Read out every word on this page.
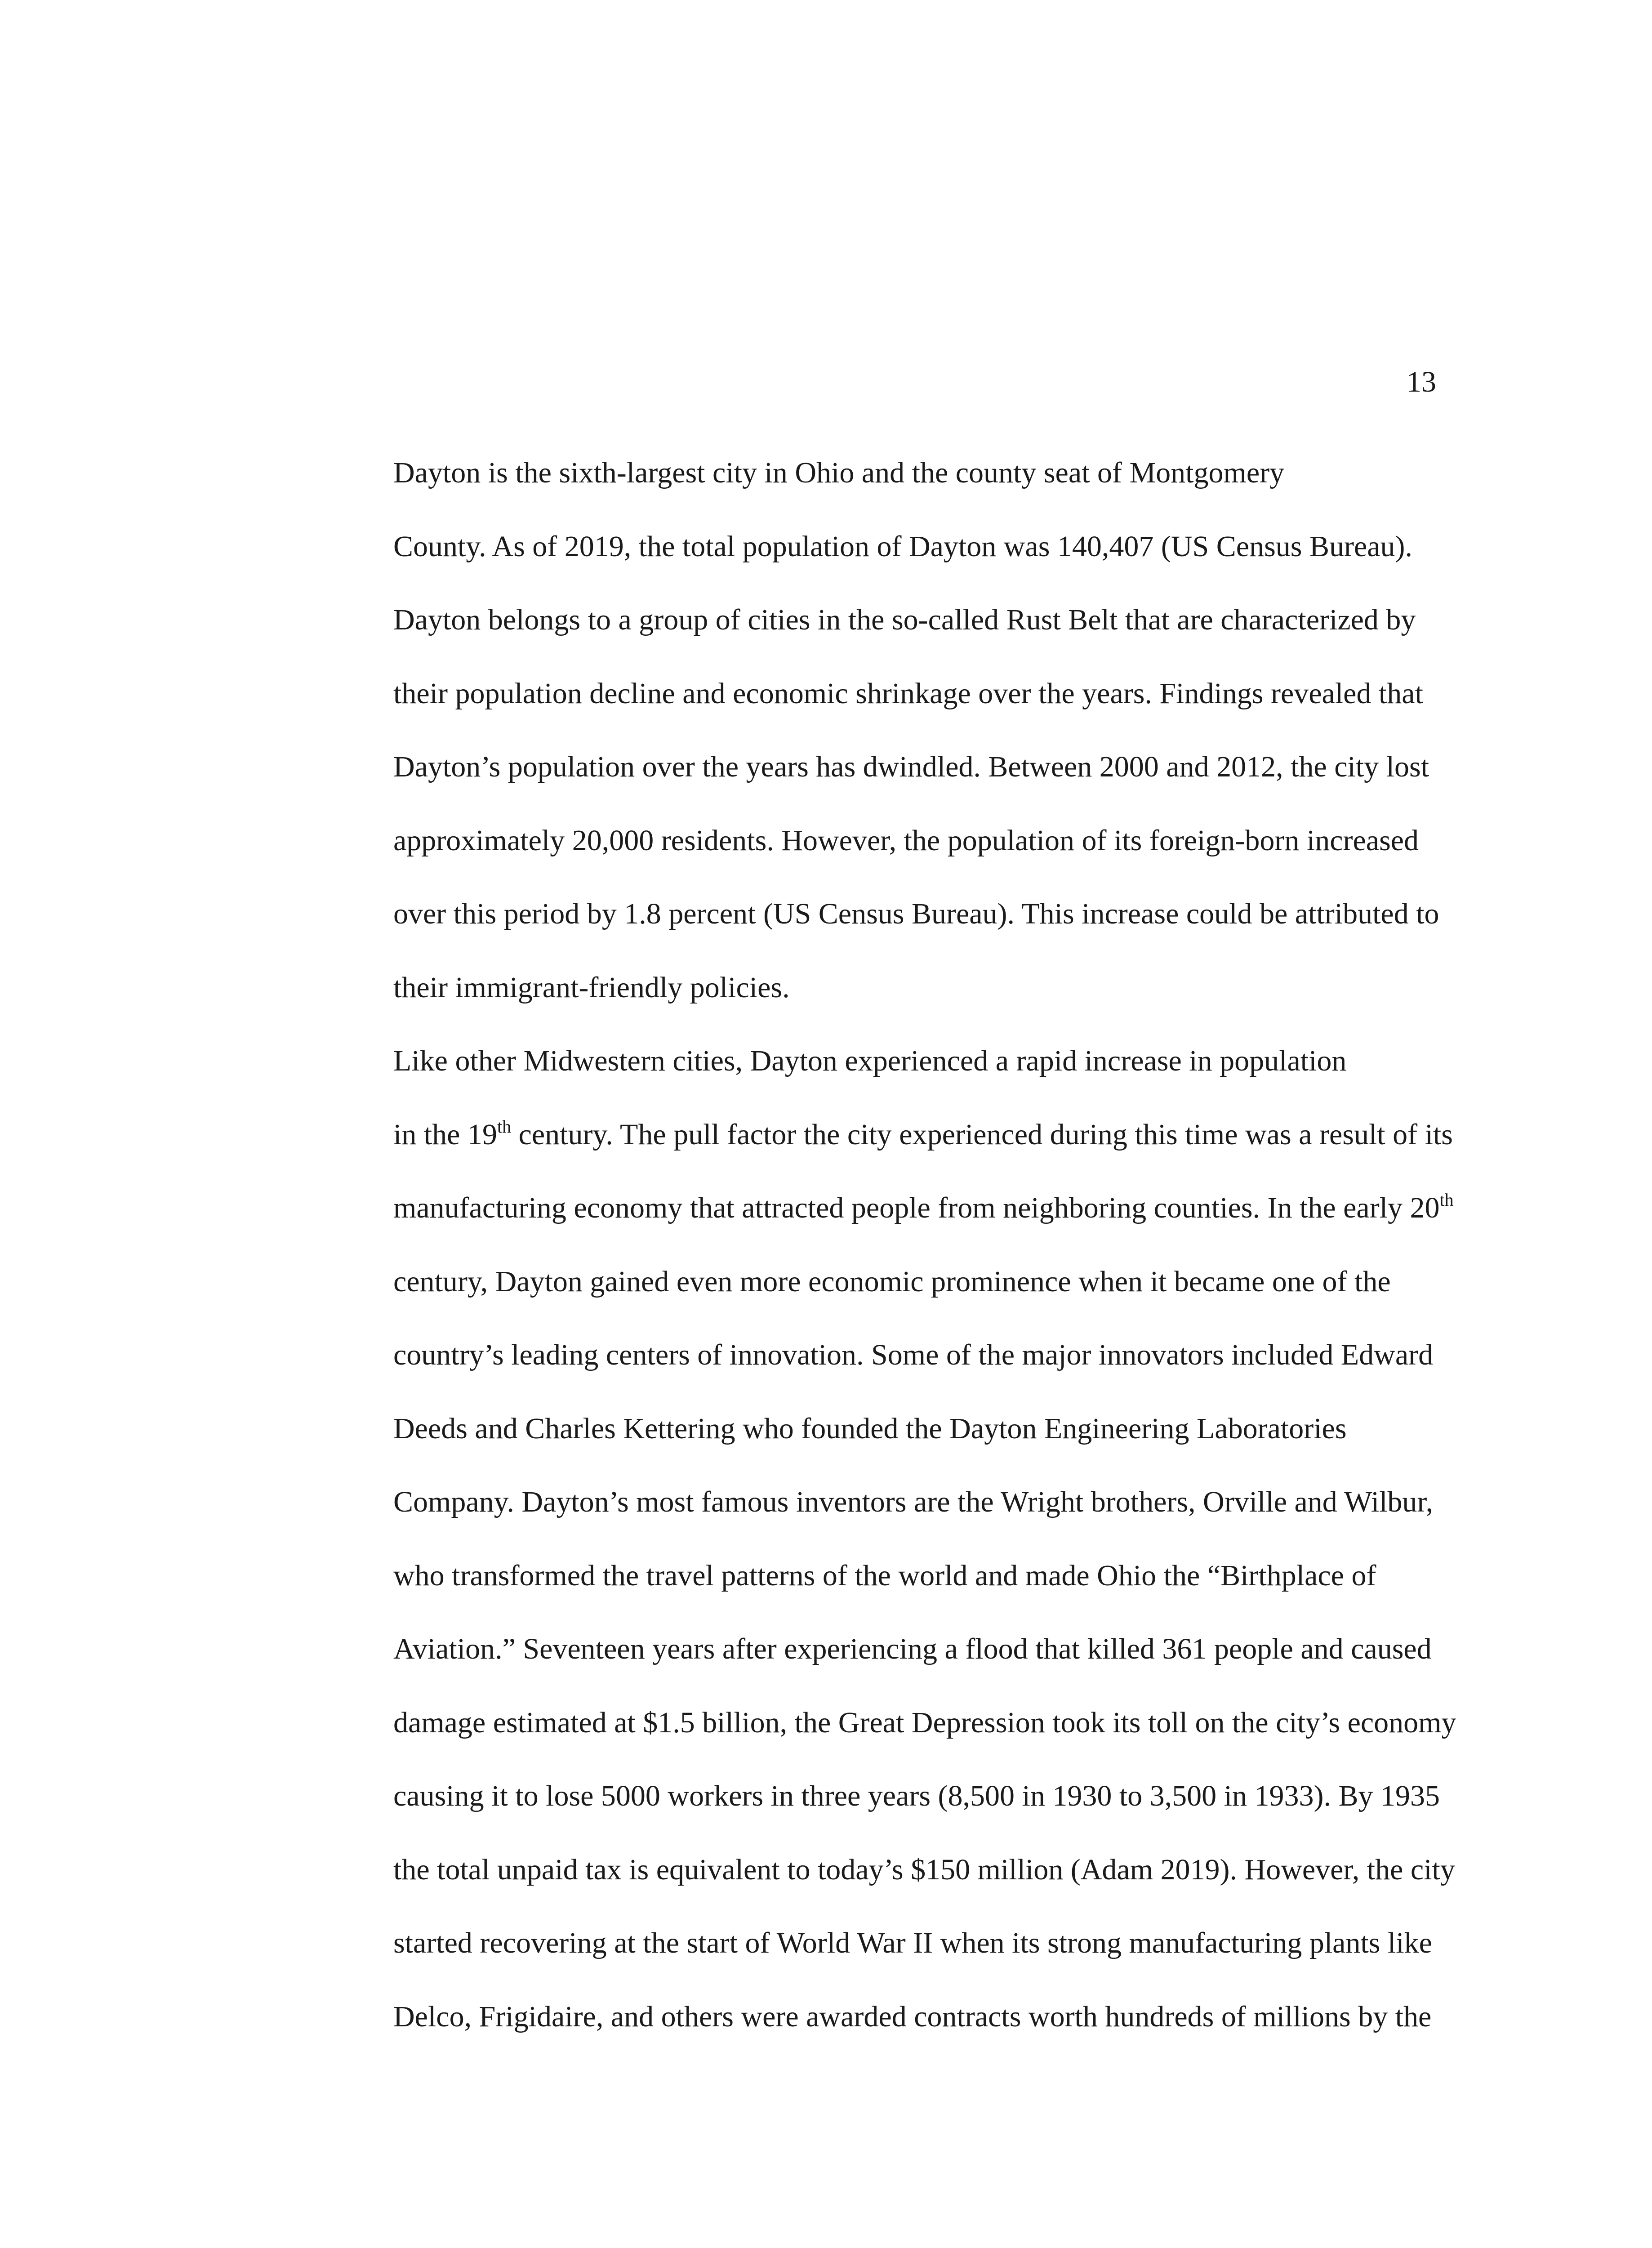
13

Dayton is the sixth-largest city in Ohio and the county seat of Montgomery
County. As of 2019, the total population of Dayton was 140,407 (US Census Bureau).
Dayton belongs to a group of cities in the so-called Rust Belt that are characterized by
their population decline and economic shrinkage over the years. Findings revealed that
Dayton’s population over the years has dwindled. Between 2000 and 2012, the city lost
approximately 20,000 residents. However, the population of its foreign-born increased
over this period by 1.8 percent (US Census Bureau). This increase could be attributed to
their immigrant-friendly policies.

Like other Midwestern cities, Dayton experienced a rapid increase in population
in the 19th century. The pull factor the city experienced during this time was a result of its
manufacturing economy that attracted people from neighboring counties. In the early 20th
century, Dayton gained even more economic prominence when it became one of the
country’s leading centers of innovation. Some of the major innovators included Edward
Deeds and Charles Kettering who founded the Dayton Engineering Laboratories
Company. Dayton’s most famous inventors are the Wright brothers, Orville and Wilbur,
who transformed the travel patterns of the world and made Ohio the “Birthplace of
Aviation.” Seventeen years after experiencing a flood that killed 361 people and caused
damage estimated at $1.5 billion, the Great Depression took its toll on the city’s economy
causing it to lose 5000 workers in three years (8,500 in 1930 to 3,500 in 1933). By 1935
the total unpaid tax is equivalent to today’s $150 million (Adam 2019). However, the city
started recovering at the start of World War II when its strong manufacturing plants like
Delco, Frigidaire, and others were awarded contracts worth hundreds of millions by the
